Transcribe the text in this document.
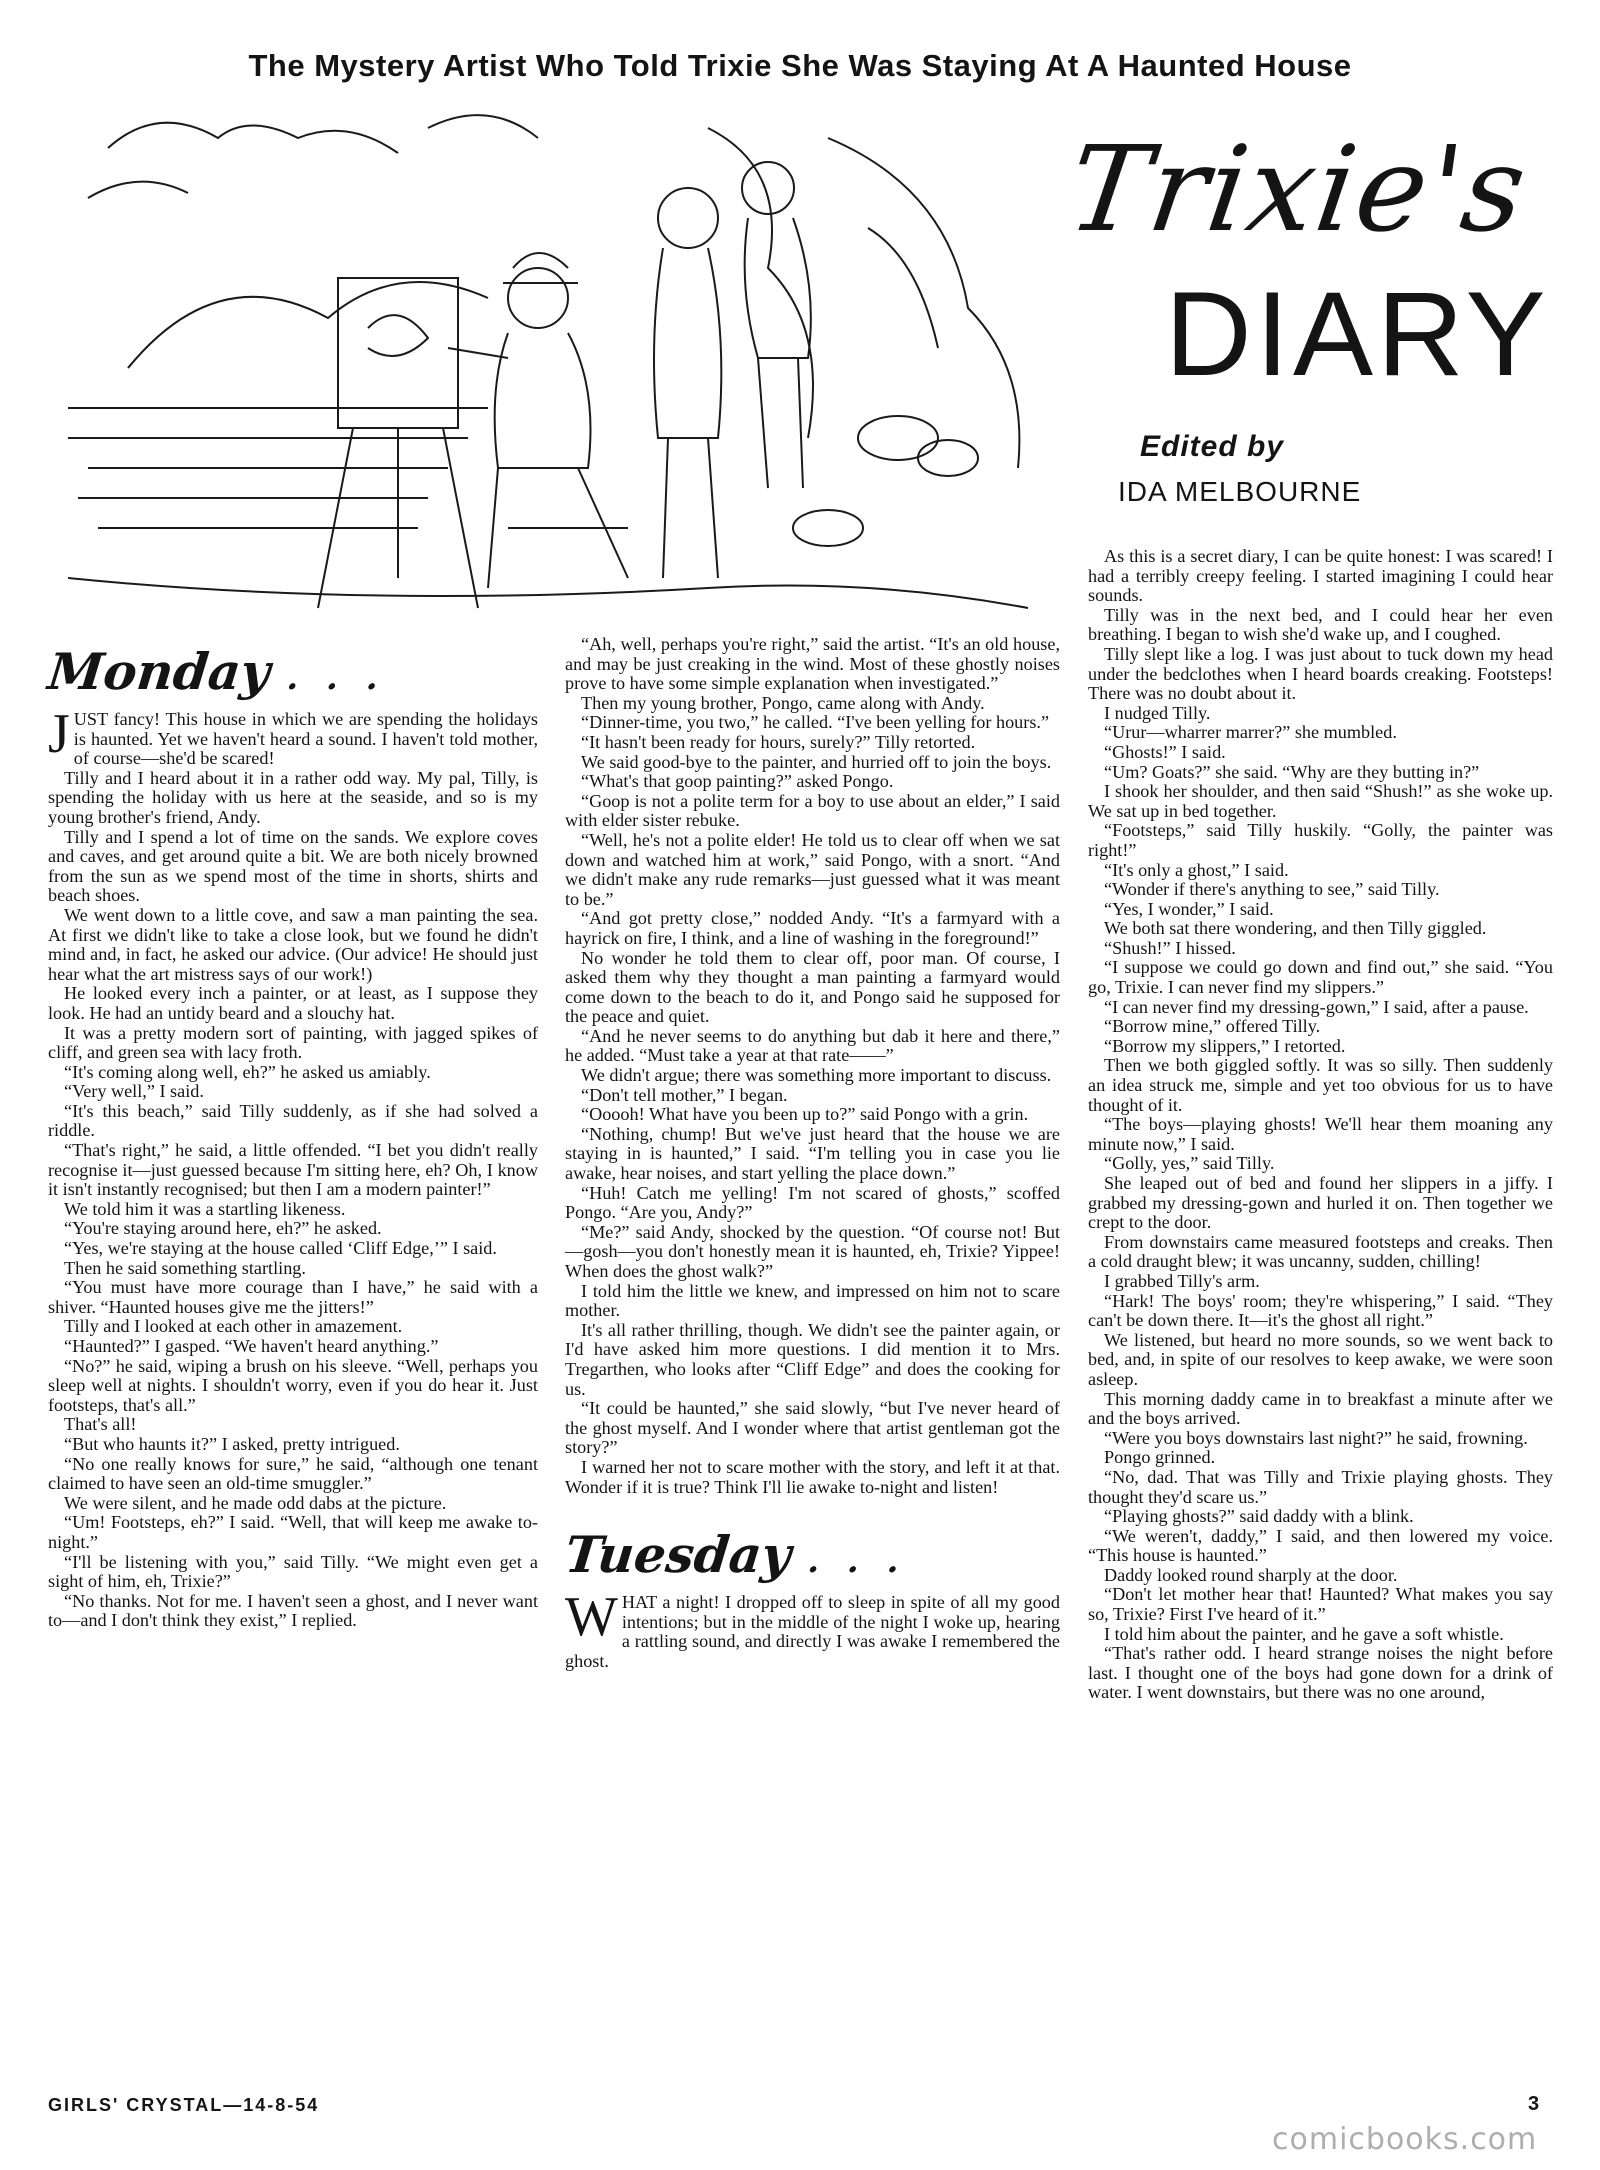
The Mystery Artist Who Told Trixie She Was Staying At A Haunted House
Trixie's
DIARY
Edited by
IDA MELBOURNE
Monday . . .
J UST fancy! This house in which we are spending the holidays is haunted. Yet we haven't heard a sound. I haven't told mother, of course—she'd be scared!

Tilly and I heard about it in a rather odd way. My pal, Tilly, is spending the holiday with us here at the seaside, and so is my young brother's friend, Andy.

Tilly and I spend a lot of time on the sands. We explore coves and caves, and get around quite a bit. We are both nicely browned from the sun as we spend most of the time in shorts, shirts and beach shoes.

We went down to a little cove, and saw a man painting the sea. At first we didn't like to take a close look, but we found he didn't mind and, in fact, he asked our advice. (Our advice! He should just hear what the art mistress says of our work!)

He looked every inch a painter, or at least, as I suppose they look. He had an untidy beard and a slouchy hat.

It was a pretty modern sort of painting, with jagged spikes of cliff, and green sea with lacy froth.

“It's coming along well, eh?” he asked us amiably.

“Very well,” I said.

“It's this beach,” said Tilly suddenly, as if she had solved a riddle.

“That's right,” he said, a little offended. “I bet you didn't really recognise it—just guessed because I'm sitting here, eh? Oh, I know it isn't instantly recognised; but then I am a modern painter!”

We told him it was a startling likeness.

“You're staying around here, eh?” he asked.

“Yes, we're staying at the house called ‘Cliff Edge,’” I said.

Then he said something startling.

“You must have more courage than I have,” he said with a shiver. “Haunted houses give me the jitters!”

Tilly and I looked at each other in amazement.

“Haunted?” I gasped. “We haven't heard anything.”

“No?” he said, wiping a brush on his sleeve. “Well, perhaps you sleep well at nights. I shouldn't worry, even if you do hear it. Just footsteps, that's all.”

That's all!

“But who haunts it?” I asked, pretty intrigued.

“No one really knows for sure,” he said, “although one tenant claimed to have seen an old-time smuggler.”

We were silent, and he made odd dabs at the picture.

“Um! Footsteps, eh?” I said. “Well, that will keep me awake to-night.”

“I'll be listening with you,” said Tilly. “We might even get a sight of him, eh, Trixie?”

“No thanks. Not for me. I haven't seen a ghost, and I never want to—and I don't think they exist,” I replied.

“Ah, well, perhaps you're right,” said the artist. “It's an old house, and may be just creaking in the wind. Most of these ghostly noises prove to have some simple explanation when investigated.”

Then my young brother, Pongo, came along with Andy.

“Dinner-time, you two,” he called. “I've been yelling for hours.”

“It hasn't been ready for hours, surely?” Tilly retorted.

We said good-bye to the painter, and hurried off to join the boys.

“What's that goop painting?” asked Pongo.

“Goop is not a polite term for a boy to use about an elder,” I said with elder sister rebuke.

“Well, he's not a polite elder! He told us to clear off when we sat down and watched him at work,” said Pongo, with a snort. “And we didn't make any rude remarks—just guessed what it was meant to be.”

“And got pretty close,” nodded Andy. “It's a farmyard with a hayrick on fire, I think, and a line of washing in the foreground!”

No wonder he told them to clear off, poor man. Of course, I asked them why they thought a man painting a farmyard would come down to the beach to do it, and Pongo said he supposed for the peace and quiet.

“And he never seems to do anything but dab it here and there,” he added. “Must take a year at that rate——”

We didn't argue; there was something more important to discuss.

“Don't tell mother,” I began.

“Ooooh! What have you been up to?” said Pongo with a grin.

“Nothing, chump! But we've just heard that the house we are staying in is haunted,” I said. “I'm telling you in case you lie awake, hear noises, and start yelling the place down.”

“Huh! Catch me yelling! I'm not scared of ghosts,” scoffed Pongo. “Are you, Andy?”

“Me?” said Andy, shocked by the question. “Of course not! But—gosh—you don't honestly mean it is haunted, eh, Trixie? Yippee! When does the ghost walk?”

I told him the little we knew, and impressed on him not to scare mother.

It's all rather thrilling, though. We didn't see the painter again, or I'd have asked him more questions. I did mention it to Mrs. Tregarthen, who looks after “Cliff Edge” and does the cooking for us.

“It could be haunted,” she said slowly, “but I've never heard of the ghost myself. And I wonder where that artist gentleman got the story?”

I warned her not to scare mother with the story, and left it at that. Wonder if it is true? Think I'll lie awake to-night and listen!

Tuesday . . .
W HAT a night! I dropped off to sleep in spite of all my good intentions; but in the middle of the night I woke up, hearing a rattling sound, and directly I was awake I remembered the ghost.

As this is a secret diary, I can be quite honest: I was scared! I had a terribly creepy feeling. I started imagining I could hear sounds.

Tilly was in the next bed, and I could hear her even breathing. I began to wish she'd wake up, and I coughed.

Tilly slept like a log. I was just about to tuck down my head under the bedclothes when I heard boards creaking. Footsteps! There was no doubt about it.

I nudged Tilly.

“Urur—wharrer marrer?” she mumbled.

“Ghosts!” I said.

“Um? Goats?” she said. “Why are they butting in?”

I shook her shoulder, and then said “Shush!” as she woke up. We sat up in bed together.

“Footsteps,” said Tilly huskily. “Golly, the painter was right!”

“It's only a ghost,” I said.

“Wonder if there's anything to see,” said Tilly.

“Yes, I wonder,” I said.

We both sat there wondering, and then Tilly giggled.

“Shush!” I hissed.

“I suppose we could go down and find out,” she said. “You go, Trixie. I can never find my slippers.”

“I can never find my dressing-gown,” I said, after a pause.

“Borrow mine,” offered Tilly.

“Borrow my slippers,” I retorted.

Then we both giggled softly. It was so silly. Then suddenly an idea struck me, simple and yet too obvious for us to have thought of it.

“The boys—playing ghosts! We'll hear them moaning any minute now,” I said.

“Golly, yes,” said Tilly.

She leaped out of bed and found her slippers in a jiffy. I grabbed my dressing-gown and hurled it on. Then together we crept to the door.

From downstairs came measured footsteps and creaks. Then a cold draught blew; it was uncanny, sudden, chilling!

I grabbed Tilly's arm.

“Hark! The boys' room; they're whispering,” I said. “They can't be down there. It—it's the ghost all right.”

We listened, but heard no more sounds, so we went back to bed, and, in spite of our resolves to keep awake, we were soon asleep.

This morning daddy came in to breakfast a minute after we and the boys arrived.

“Were you boys downstairs last night?” he said, frowning.

Pongo grinned.

“No, dad. That was Tilly and Trixie playing ghosts. They thought they'd scare us.”

“Playing ghosts?” said daddy with a blink.

“We weren't, daddy,” I said, and then lowered my voice. “This house is haunted.”

Daddy looked round sharply at the door.

“Don't let mother hear that! Haunted? What makes you say so, Trixie? First I've heard of it.”

I told him about the painter, and he gave a soft whistle.

“That's rather odd. I heard strange noises the night before last. I thought one of the boys had gone down for a drink of water. I went downstairs, but there was no one around,

GIRLS' CRYSTAL—14-8-54	3
comicbooks.com
